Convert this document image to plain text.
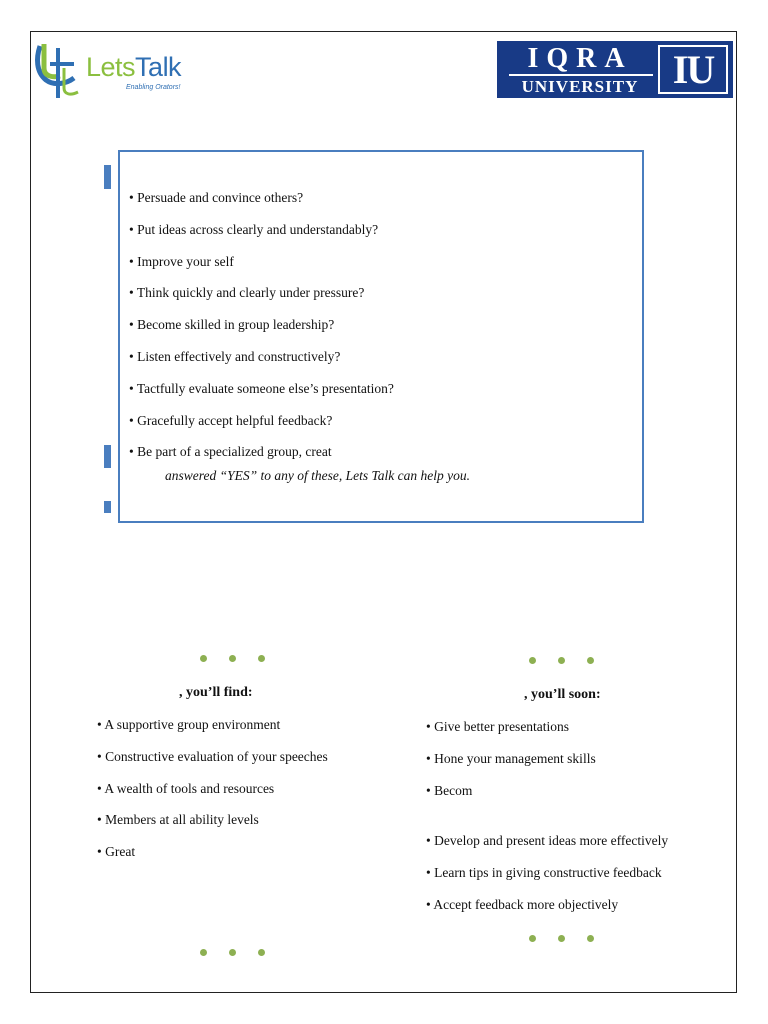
LetsTalk
Enabling Orators!
IQRA
UNIVERSITY IU
• Persuade and convince others?
• Put ideas across clearly and understandably?
• Improve your self
• Think quickly and clearly under pressure?
• Become skilled in group leadership?
• Listen effectively and constructively?
• Tactfully evaluate someone else’s presentation?
• Gracefully accept helpful feedback?
• Be part of a specialized group, creat
answered “YES” to any of these, Lets Talk can help you.
, you’ll find:
• A supportive group environment
• Constructive evaluation of your speeches
• A wealth of tools and resources
• Members at all ability levels
• Great
, you’ll soon:
• Give better presentations
• Hone your management skills
• Becom
• Develop and present ideas more effectively
• Learn tips in giving constructive feedback
• Accept feedback more objectively
